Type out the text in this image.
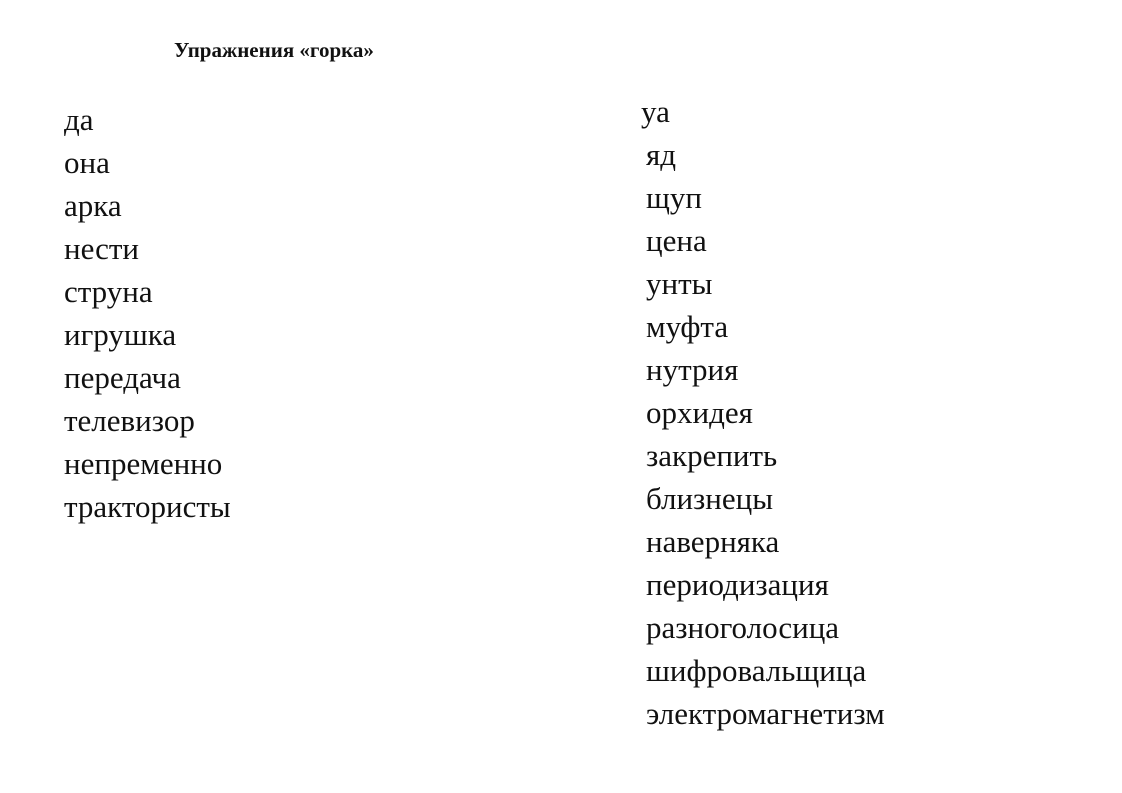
Упражнения «горка»
да
она
арка
нести
струна
игрушка
передача
телевизор
непременно
трактористы
уа
яд
щуп
цена
унты
муфта
нутрия
орхидея
закрепить
близнецы
наверняка
периодизация
разноголосица
шифровальщица
электромагнетизм
